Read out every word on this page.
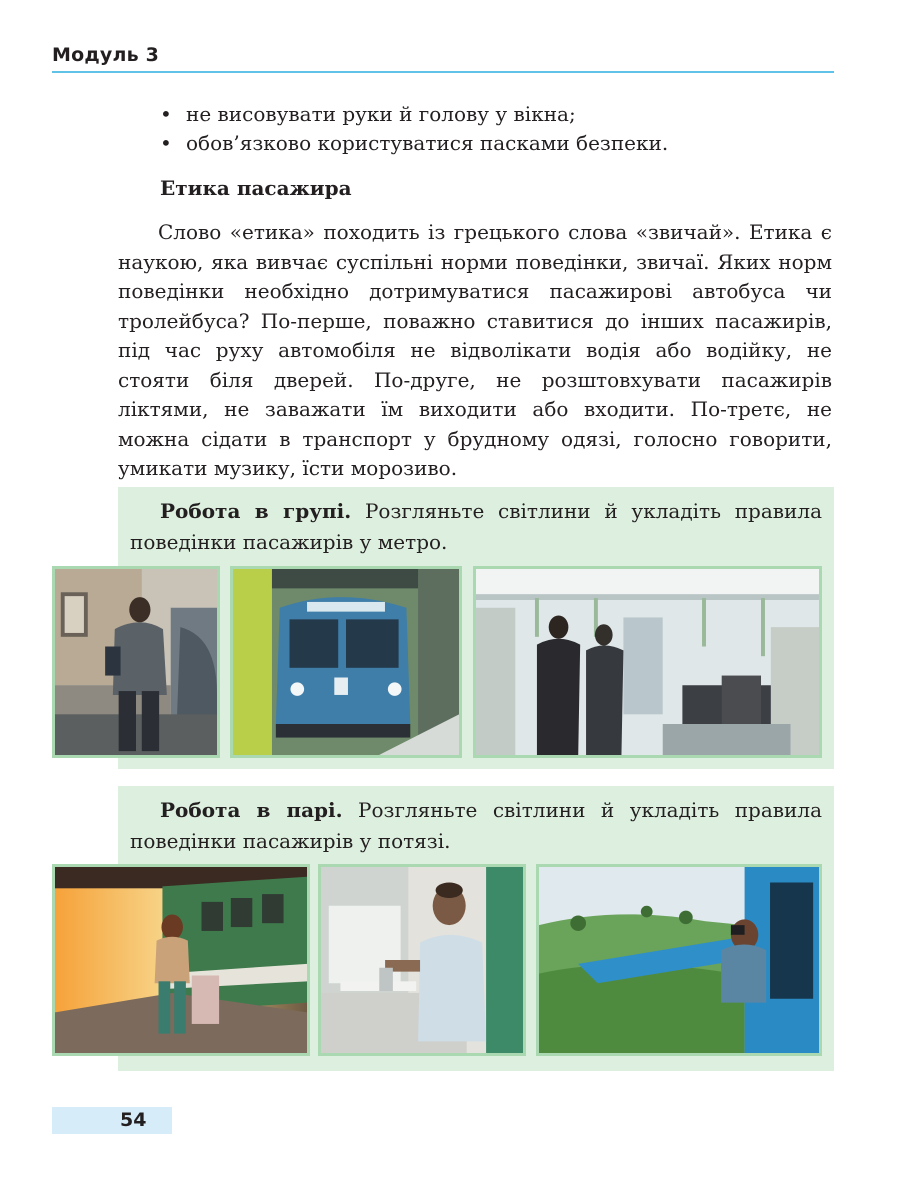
Модуль 3
• не висовувати руки й голову у вікна;
• обов’язково користуватися пасками безпеки.
Етика пасажира

Слово «етика» походить із грецького слова «звичай». Етика є наукою, яка вивчає суспільні норми поведінки, звичаї. Яких норм поведінки необхідно дотримуватися пасажирові автобуса чи тролейбуса? По-перше, поважно ставитися до інших пасажирів, під час руху автомобіля не відволікати водія або водійку, не стояти біля дверей. По-друге, не розштовхувати пасажирів ліктями, не заважати їм виходити або входити. По-третє, не можна сідати в транспорт у брудному одязі, голосно говорити, умикати музику, їсти морозиво.

Робота в групі. Розгляньте світлини й укладіть правила поведінки пасажирів у метро.

Робота в парі. Розгляньте світлини й укладіть правила поведінки пасажирів у потязі.

54
